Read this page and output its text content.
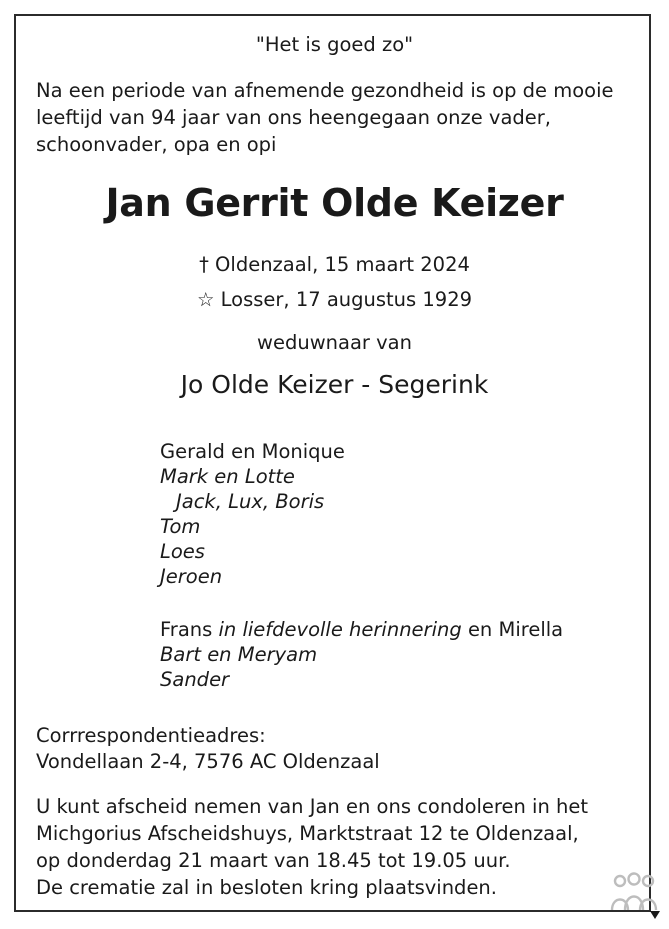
"Het is goed zo"
Na een periode van afnemende gezondheid is op de mooie
leeftijd van 94 jaar van ons heengegaan onze vader,
schoonvader, opa en opi
Jan Gerrit Olde Keizer
† Oldenzaal, 15 maart 2024
☆ Losser, 17 augustus 1929
weduwnaar van
Jo Olde Keizer - Segerink
Gerald en Monique
Mark en Lotte
Jack, Lux, Boris
Tom
Loes
Jeroen
Frans in liefdevolle herinnering en Mirella
Bart en Meryam
Sander
Corrrespondentieadres:
Vondellaan 2-4, 7576 AC Oldenzaal
U kunt afscheid nemen van Jan en ons condoleren in het
Michgorius Afscheidshuys, Marktstraat 12 te Oldenzaal,
op donderdag 21 maart van 18.45 tot 19.05 uur.
De crematie zal in besloten kring plaatsvinden.
